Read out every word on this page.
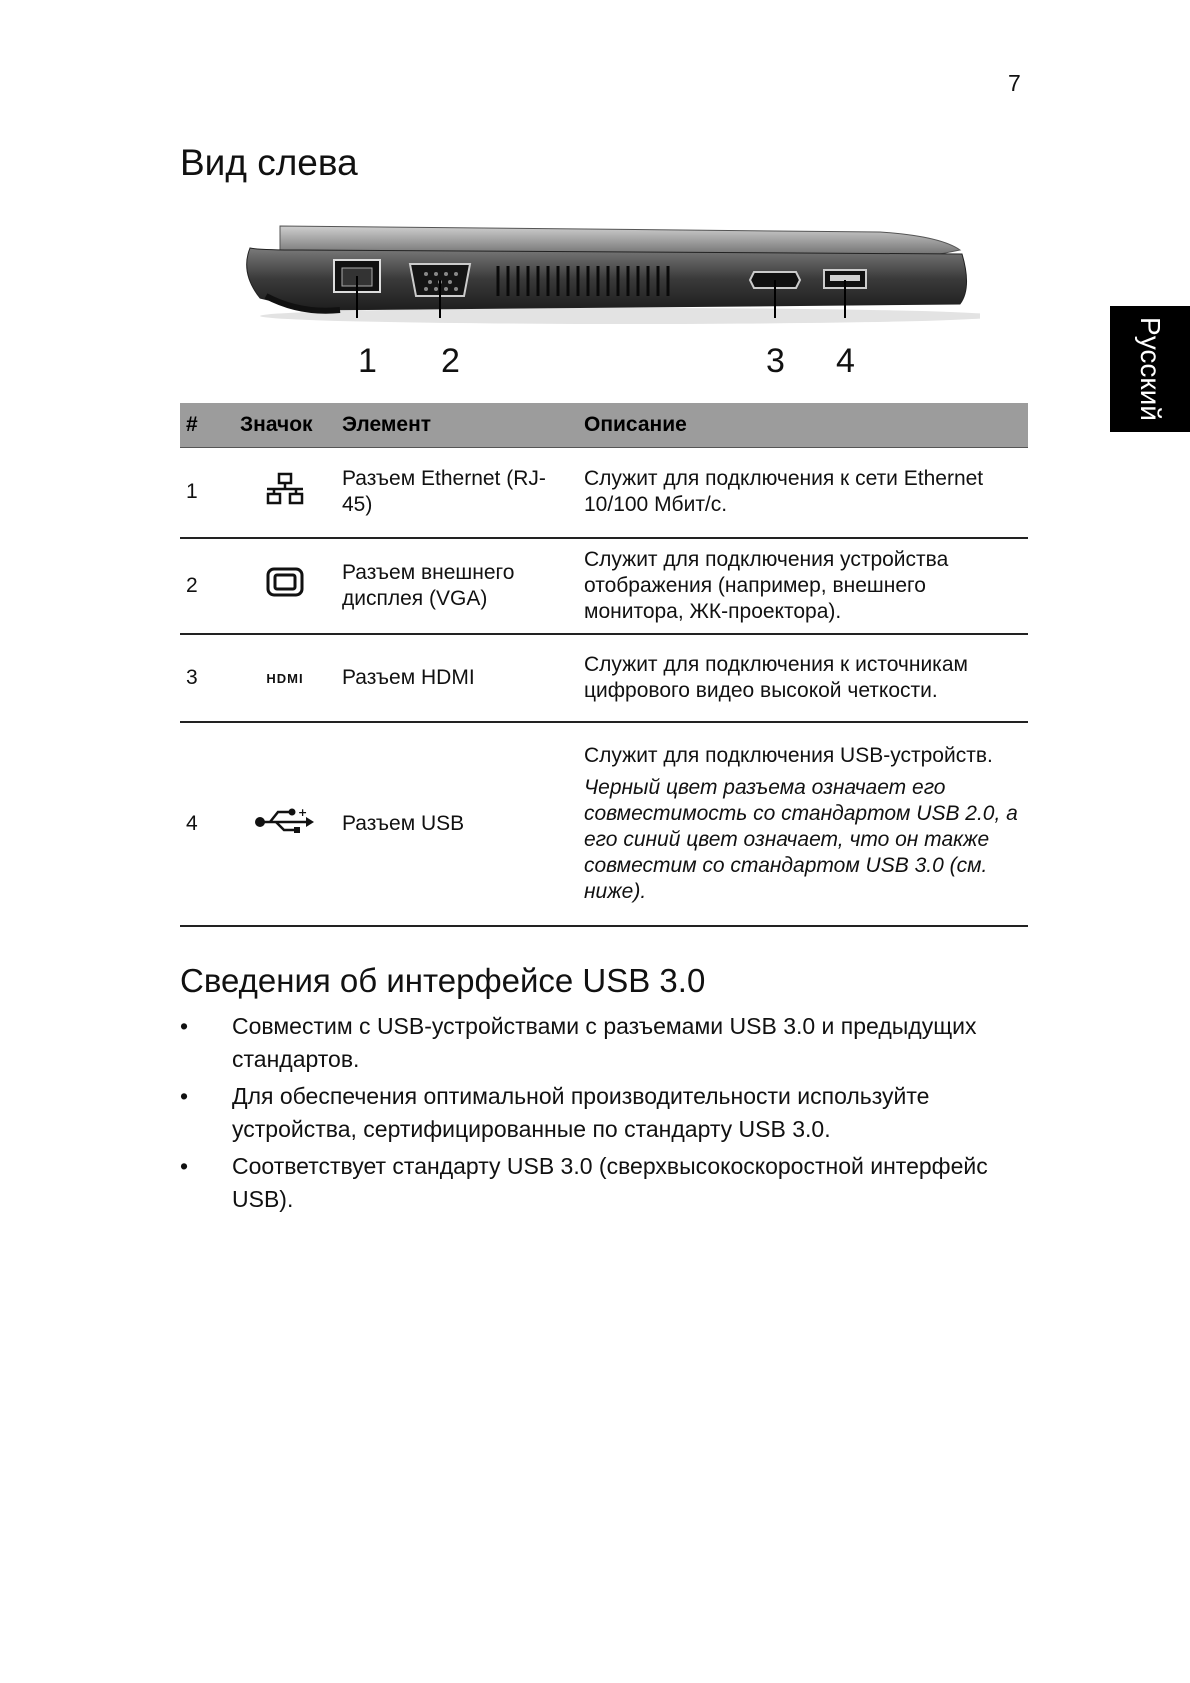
7
Русский
Вид слева
1 2	3 4
#	Значок	Элемент	Описание
1		Разъем Ethernet (RJ-45)	Служит для подключения к сети Ethernet 10/100 Мбит/с.
2		Разъем внешнего дисплея (VGA)	Служит для подключения устройства отображения (например, внешнего монитора, ЖК-проектора).
3	HDMI	Разъем HDMI	Служит для подключения к источникам цифрового видео высокой четкости.
4	+	Разъем USB	Служит для подключения USB-устройств.
Черный цвет разъема означает его совместимость со стандартом USB 2.0, а его синий цвет означает, что он также совместим со стандартом USB 3.0 (см. ниже).
Сведения об интерфейсе USB 3.0
• Совместим с USB-устройствами с разъемами USB 3.0 и предыдущих стандартов.
• Для обеспечения оптимальной производительности используйте устройства, сертифицированные по стандарту USB 3.0.
• Соответствует стандарту USB 3.0 (сверхвысокоскоростной интерфейс USB).
